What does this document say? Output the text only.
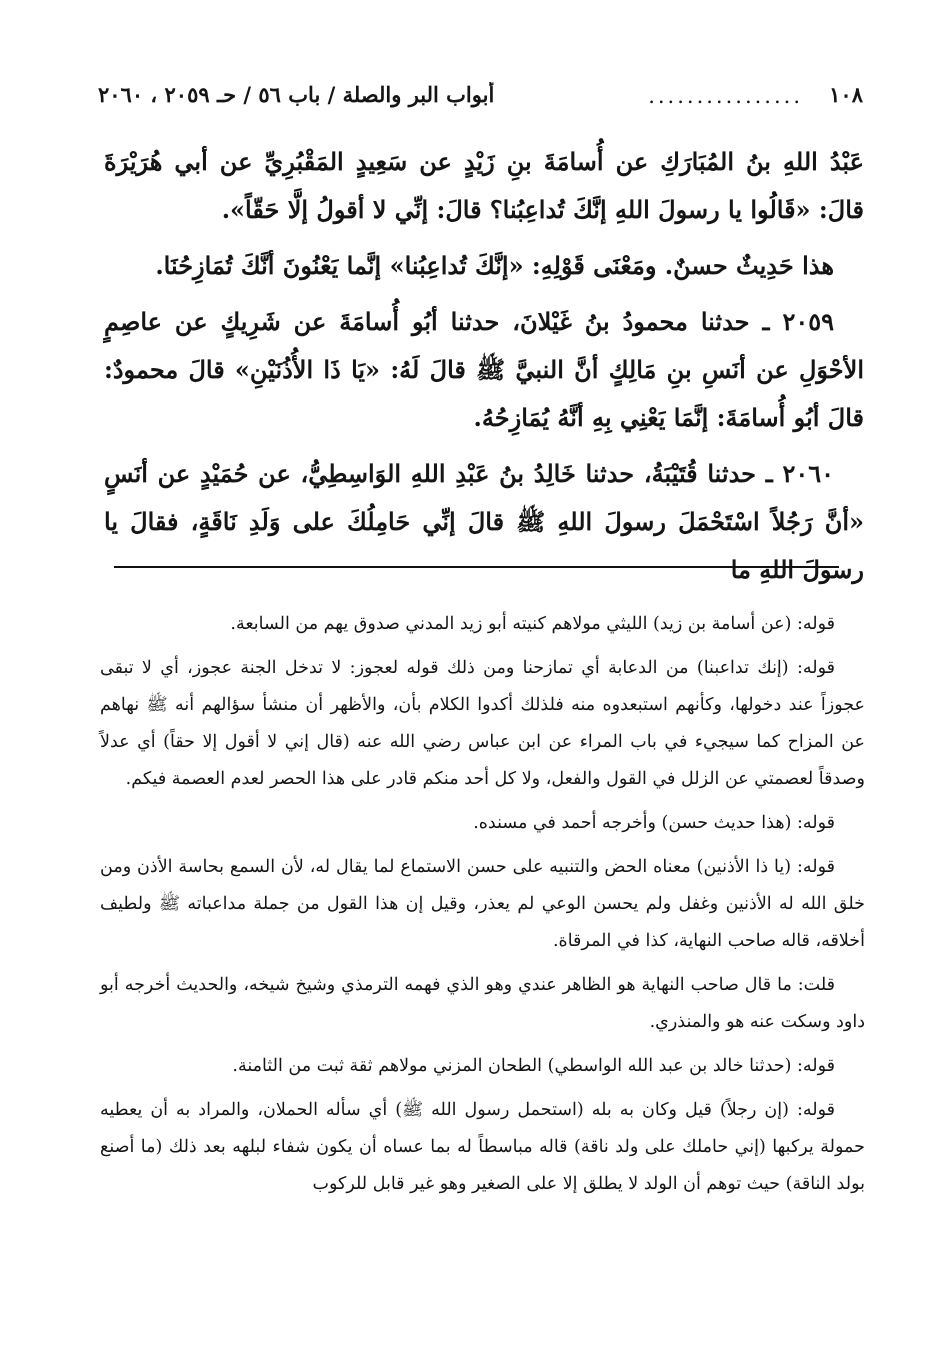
١٠٨
................
أبواب البر والصلة / باب ٥٦ / حـ ٢٠٥٩ ، ٢٠٦٠

عَبْدُ اللهِ بنُ المُبَارَكِ عن أُسامَةَ بنِ زَيْدٍ عن سَعِيدٍ المَقْبُرِيِّ عن أبي هُرَيْرَةَ قالَ: «قَالُوا يا رسولَ اللهِ إنَّكَ تُداعِبُنا؟ قالَ: إنِّي لا أقولُ إلَّا حَقّاً».

هذا حَدِيثٌ حسنٌ. ومَعْنَى قَوْلِهِ: «إنَّكَ تُداعِبُنا» إنَّما يَعْنُونَ أنَّكَ تُمَازِحُنَا.

٢٠٥٩ ـ حدثنا محمودُ بنُ غَيْلانَ، حدثنا أبُو أُسامَةَ عن شَرِيكٍ عن عاصِمٍ الأحْوَلِ عن أنَسِ بنِ مَالِكٍ أنَّ النبيَّ ﷺ قالَ لَهُ: «يَا ذَا الأُذُنَيْنِ» قالَ محمودٌ: قالَ أبُو أُسامَةَ: إنَّمَا يَعْنِي بِهِ أنَّهُ يُمَازِحُهُ.

٢٠٦٠ ـ حدثنا قُتَيْبَةُ، حدثنا خَالِدُ بنُ عَبْدِ اللهِ الوَاسِطِيُّ، عن حُمَيْدٍ عن أنَسٍ «أنَّ رَجُلاً اسْتَحْمَلَ رسولَ اللهِ ﷺ قالَ إنِّي حَامِلُكَ على وَلَدِ نَاقَةٍ، فقالَ يا رسولَ اللهِ ما

قوله: (عن أسامة بن زيد) الليثي مولاهم كنيته أبو زيد المدني صدوق يهم من السابعة.

قوله: (إنك تداعبنا) من الدعابة أي تمازحنا ومن ذلك قوله لعجوز: لا تدخل الجنة عجوز، أي لا تبقى عجوزاً عند دخولها، وكأنهم استبعدوه منه فلذلك أكدوا الكلام بأن، والأظهر أن منشأ سؤالهم أنه ﷺ نهاهم عن المزاح كما سيجيء في باب المراء عن ابن عباس رضي الله عنه (قال إني لا أقول إلا حقاً) أي عدلاً وصدقاً لعصمتي عن الزلل في القول والفعل، ولا كل أحد منكم قادر على هذا الحصر لعدم العصمة فيكم.

قوله: (هذا حديث حسن) وأخرجه أحمد في مسنده.

قوله: (يا ذا الأذنين) معناه الحض والتنبيه على حسن الاستماع لما يقال له، لأن السمع بحاسة الأذن ومن خلق الله له الأذنين وغفل ولم يحسن الوعي لم يعذر، وقيل إن هذا القول من جملة مداعباته ﷺ ولطيف أخلاقه، قاله صاحب النهاية، كذا في المرقاة.

قلت: ما قال صاحب النهاية هو الظاهر عندي وهو الذي فهمه الترمذي وشيخ شيخه، والحديث أخرجه أبو داود وسكت عنه هو والمنذري.

قوله: (حدثنا خالد بن عبد الله الواسطي) الطحان المزني مولاهم ثقة ثبت من الثامنة.

قوله: (إن رجلاً) قيل وكان به بله (استحمل رسول الله ﷺ) أي سأله الحملان، والمراد به أن يعطيه حمولة يركبها (إني حاملك على ولد ناقة) قاله مباسطاً له بما عساه أن يكون شفاء لبلهه بعد ذلك (ما أصنع بولد الناقة) حيث توهم أن الولد لا يطلق إلا على الصغير وهو غير قابل للركوب
